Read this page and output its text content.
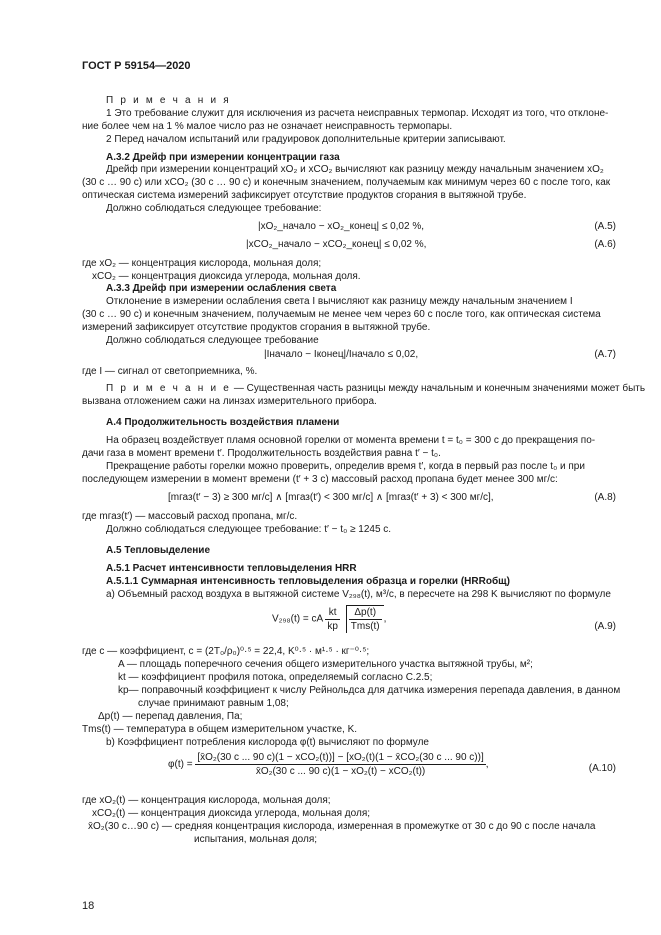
ГОСТ Р 59154—2020
П р и м е ч а н и я
1 Это требование служит для исключения из расчета неисправных термопар. Исходят из того, что отклоне-
ние более чем на 1 % малое число раз не означает неисправность термопары.
2 Перед началом испытаний или градуировок дополнительные критерии записывают.
А.3.2 Дрейф при измерении концентрации газа
Дрейф при измерении концентраций xO₂ и xCO₂ вычисляют как разницу между начальным значением xO₂
(30 с … 90 с) или xCO₂ (30 с … 90 с) и конечным значением, получаемым как минимум через 60 с после того, как
оптическая система измерений зафиксирует отсутствие продуктов сгорания в вытяжной трубе.
Должно соблюдаться следующее требование:
|xO₂_начало − xO₂_конец| ≤ 0,02 %,	(А.5)
|xCO₂_начало − xCO₂_конец| ≤ 0,02 %,	(А.6)
где xO₂ — концентрация кислорода, мольная доля;
xCO₂ — концентрация диоксида углерода, мольная доля.
А.3.3 Дрейф при измерении ослабления света
Отклонение в измерении ослабления света I вычисляют как разницу между начальным значением I
(30 с … 90 с) и конечным значением, получаемым не менее чем через 60 с после того, как оптическая система
измерений зафиксирует отсутствие продуктов сгорания в вытяжной трубе.
Должно соблюдаться следующее требование
|Iначало − Iконец|/Iначало ≤ 0,02,	(А.7)
где I — сигнал от светоприемника, %.
П р и м е ч а н и е — Существенная часть разницы между начальным и конечным значениями может быть
вызвана отложением сажи на линзах измерительного прибора.
А.4 Продолжительность воздействия пламени
На образец воздействует пламя основной горелки от момента времени t = t₀ = 300 с до прекращения по-
дачи газа в момент времени t′. Продолжительность воздействия равна t′ − t₀.
Прекращение работы горелки можно проверить, определив время t′, когда в первый раз после t₀ и при
последующем измерении в момент времени (t′ + 3 с) массовый расход пропана будет менее 300 мг/с:
[mгаз(t′ − 3) ≥ 300 мг/с] ∧ [mгаз(t′) < 300 мг/с] ∧ [mгаз(t′ + 3) < 300 мг/с],	(А.8)
где mгаз(t′) — массовый расход пропана, мг/с.
Должно соблюдаться следующее требование: t′ − t₀ ≥ 1245 с.
А.5 Тепловыделение
А.5.1 Расчет интенсивности тепловыделения HRR
А.5.1.1 Суммарная интенсивность тепловыделения образца и горелки (HRRобщ)
a) Объемный расход воздуха в вытяжной системе V₂₉₈(t), м³/с, в пересчете на 298 K вычисляют по формуле
V₂₉₈(t) = cA $\frac{kt}{kp}$
$\frac{\Delta p(t)}{\text{Tms(t)}}$ ,
(А.9)
где c — коэффициент, c = (2T₀/ρ₀)⁰·⁵ = 22,4, K⁰·⁵ · м¹·⁵ · кг⁻⁰·⁵;
A — площадь поперечного сечения общего измерительного участка вытяжной трубы, м²;
kt — коэффициент профиля потока, определяемый согласно С.2.5;
kp— поправочный коэффициент к числу Рейнольдса для датчика измерения перепада давления, в данном
случае принимают равным 1,08;
Δp(t) — перепад давления, Па;
Tms(t) — температура в общем измерительном участке, K.
b) Коэффициент потребления кислорода φ(t) вычисляют по формуле
φ(t) =
[x̄O₂(30 с ... 90 с)(1 − xCO₂(t))] − [xO₂(t)(1 − x̄CO₂(30 с ... 90 с))]
x̄O₂(30 с ... 90 с)(1 − xO₂(t) − xCO₂(t))
,	(А.10)
где xO₂(t) — концентрация кислорода, мольная доля;
xCO₂(t) — концентрация диоксида углерода, мольная доля;
x̄O₂(30 с…90 с) — средняя концентрация кислорода, измеренная в промежутке от 30 с до 90 с после начала
испытания, мольная доля;
18
